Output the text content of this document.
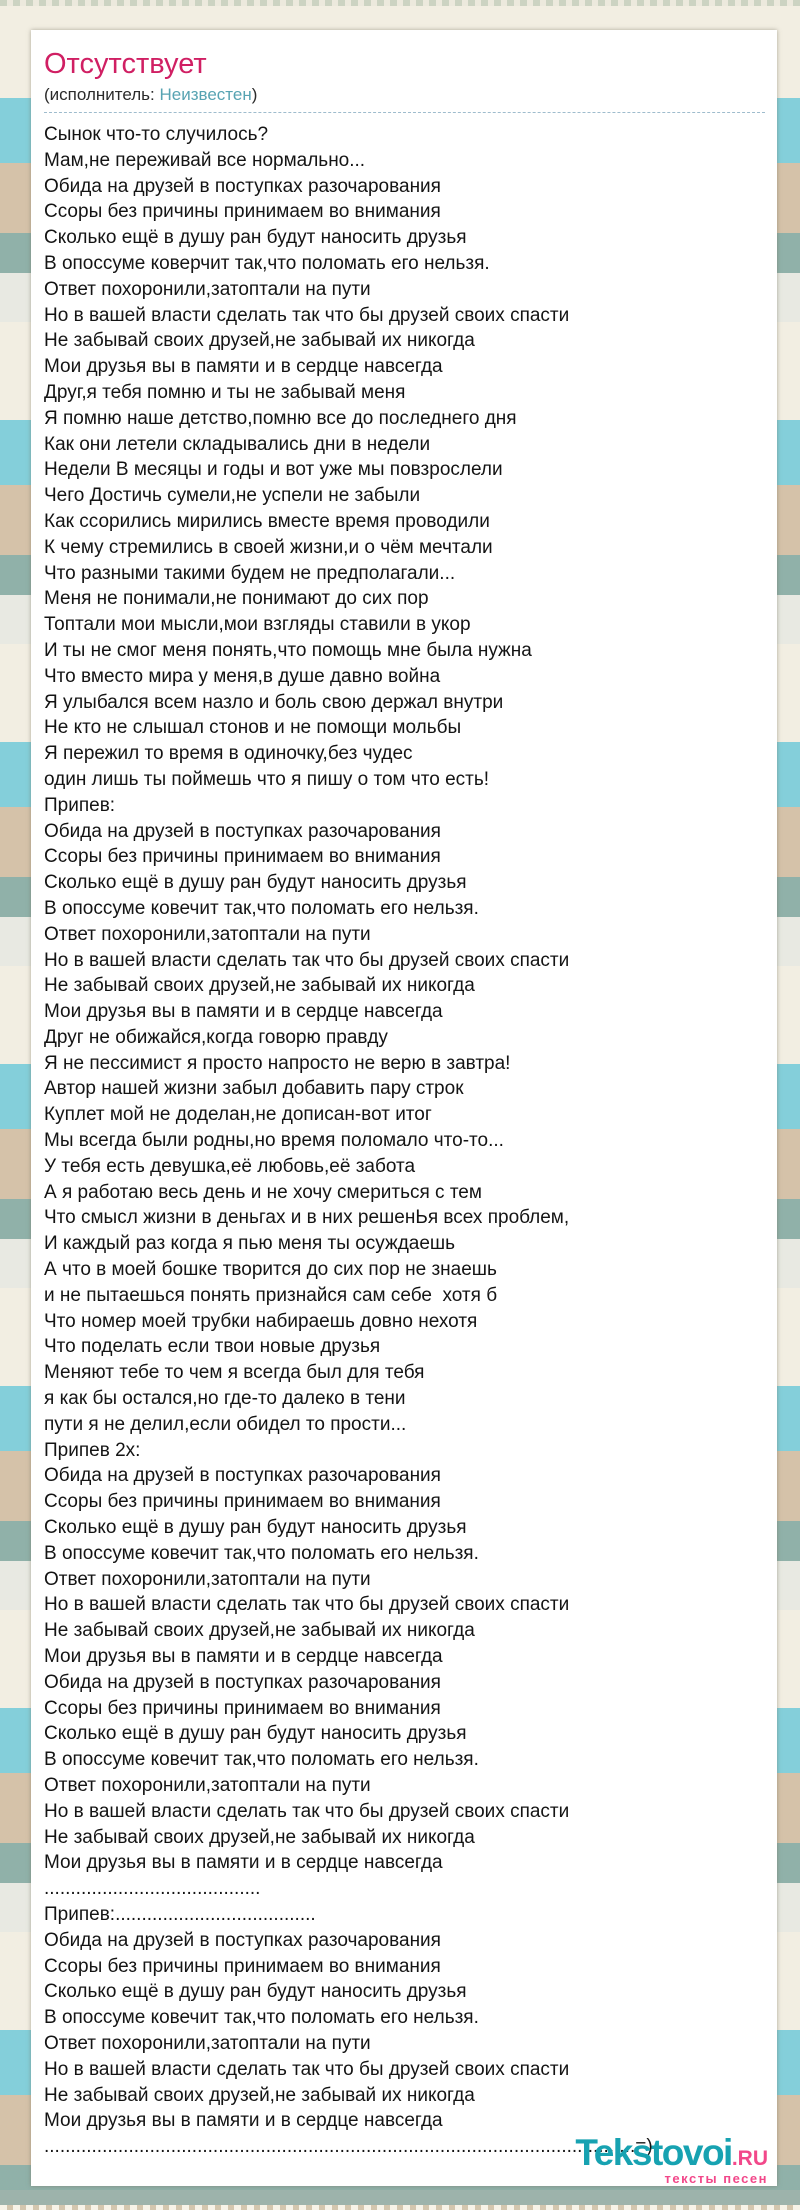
Отсутствует
(исполнитель: Неизвестен)
Сынок что-то случилось?
Мам,не переживай все нормально...
Обида на друзей в поступках разочарования
Ссоры без причины принимаем во внимания
Сколько ещё в душу ран будут наносить друзья
В опоссуме коверчит так,что поломать его нельзя.
Ответ похоронили,затоптали на пути
Но в вашей власти сделать так что бы друзей своих спасти
Не забывай своих друзей,не забывай их никогда
Мои друзья вы в памяти и в сердце навсегда
Друг,я тебя помню и ты не забывай меня
Я помню наше детство,помню все до последнего дня
Как они летели складывались дни в недели
Недели В месяцы и годы и вот уже мы повзрослели
Чего Достичь сумели,не успели не забыли
Как ссорились мирились вместе время проводили
К чему стремились в своей жизни,и о чём мечтали
Что разными такими будем не предполагали...
Меня не понимали,не понимают до сих пор
Топтали мои мысли,мои взгляды ставили в укор
И ты не смог меня понять,что помощь мне была нужна
Что вместо мира у меня,в душе давно война
Я улыбался всем назло и боль свою держал внутри
Не кто не слышал стонов и не помощи мольбы
Я пережил то время в одиночку,без чудес
один лишь ты поймешь что я пишу о том что есть!
Припев:
Обида на друзей в поступках разочарования
Ссоры без причины принимаем во внимания
Сколько ещё в душу ран будут наносить друзья
В опоссуме ковечит так,что поломать его нельзя.
Ответ похоронили,затоптали на пути
Но в вашей власти сделать так что бы друзей своих спасти
Не забывай своих друзей,не забывай их никогда
Мои друзья вы в памяти и в сердце навсегда
Друг не обижайся,когда говорю правду
Я не пессимист я просто напросто не верю в завтра!
Автор нашей жизни забыл добавить пару строк
Куплет мой не доделан,не дописан-вот итог
Мы всегда были родны,но время поломало что-то...
У тебя есть девушка,её любовь,её забота
А я работаю весь день и не хочу смериться с тем
Что смысл жизни в деньгах и в них решенЬя всех проблем,
И каждый раз когда я пью меня ты осуждаешь
А что в моей бошке творится до сих пор не знаешь
и не пытаешься понять признайся сам себе  хотя б
Что номер моей трубки набираешь довно нехотя
Что поделать если твои новые друзья
Меняют тебе то чем я всегда был для тебя
я как бы остался,но где-то далеко в тени
пути я не делил,если обидел то прости...
Припев 2х:
Обида на друзей в поступках разочарования
Ссоры без причины принимаем во внимания
Сколько ещё в душу ран будут наносить друзья
В опоссуме ковечит так,что поломать его нельзя.
Ответ похоронили,затоптали на пути
Но в вашей власти сделать так что бы друзей своих спасти
Не забывай своих друзей,не забывай их никогда
Мои друзья вы в памяти и в сердце навсегда
Обида на друзей в поступках разочарования
Ссоры без причины принимаем во внимания
Сколько ещё в душу ран будут наносить друзья
В опоссуме ковечит так,что поломать его нельзя.
Ответ похоронили,затоптали на пути
Но в вашей власти сделать так что бы друзей своих спасти
Не забывай своих друзей,не забывай их никогда
Мои друзья вы в памяти и в сердце навсегда
.........................................
Припев:......................................
Обида на друзей в поступках разочарования
Ссоры без причины принимаем во внимания
Сколько ещё в душу ран будут наносить друзья
В опоссуме ковечит так,что поломать его нельзя.
Ответ похоронили,затоптали на пути
Но в вашей власти сделать так что бы друзей своих спасти
Не забывай своих друзей,не забывай их никогда
Мои друзья вы в памяти и в сердце навсегда
................................................................................................................=)
Tekstovoi.RU
тексты песен
